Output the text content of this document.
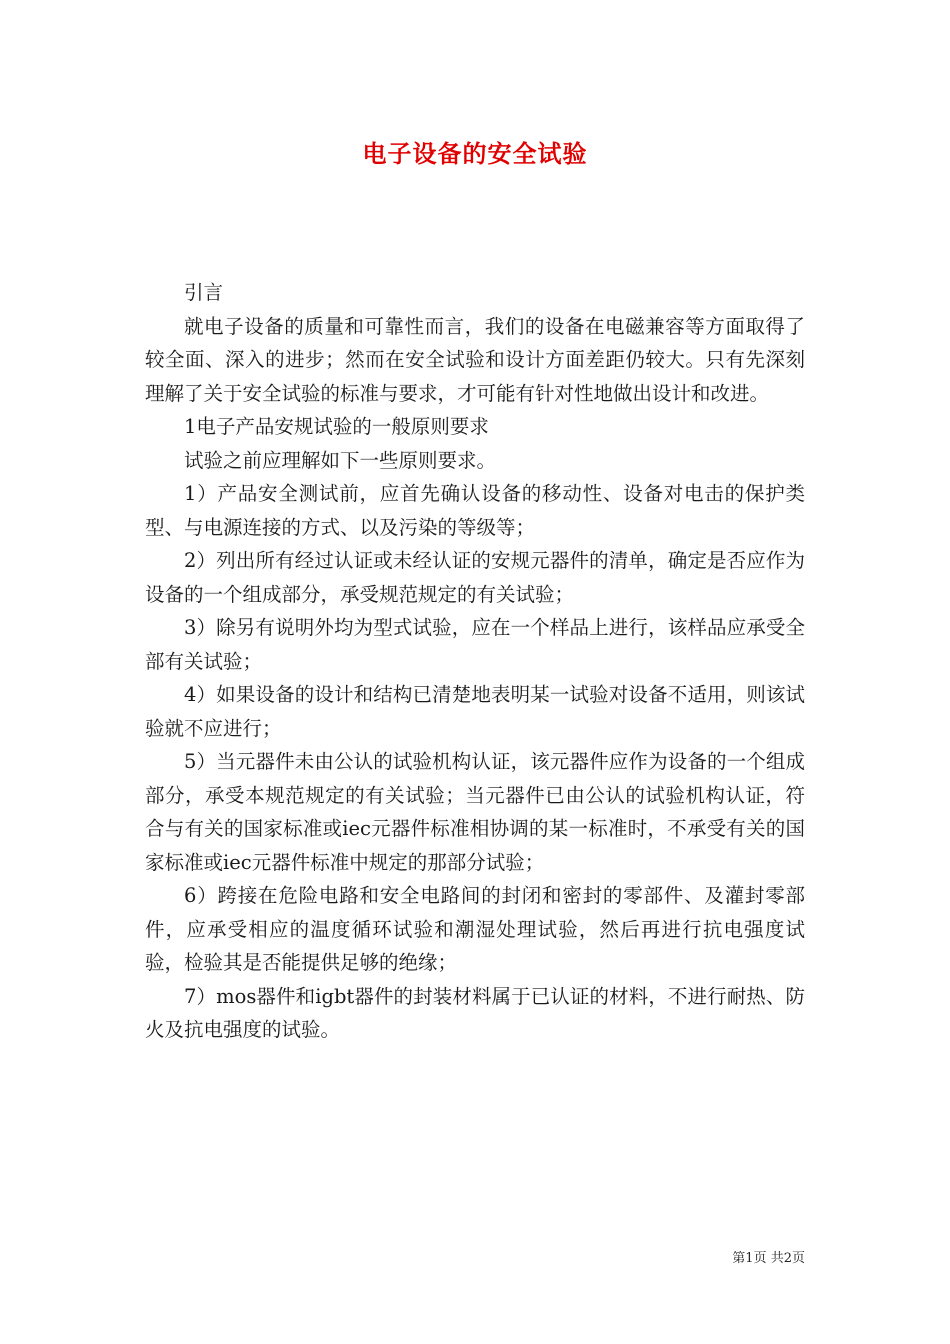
电子设备的安全试验

引言

就电子设备的质量和可靠性而言，我们的设备在电磁兼容等方面取得了较全面、深入的进步；然而在安全试验和设计方面差距仍较大。只有先深刻理解了关于安全试验的标准与要求，才可能有针对性地做出设计和改进。

1电子产品安规试验的一般原则要求

试验之前应理解如下一些原则要求。

1）产品安全测试前，应首先确认设备的移动性、设备对电击的保护类型、与电源连接的方式、以及污染的等级等；

2）列出所有经过认证或未经认证的安规元器件的清单，确定是否应作为设备的一个组成部分，承受规范规定的有关试验；

3）除另有说明外均为型式试验，应在一个样品上进行，该样品应承受全部有关试验；

4）如果设备的设计和结构已清楚地表明某一试验对设备不适用，则该试验就不应进行；

5）当元器件未由公认的试验机构认证，该元器件应作为设备的一个组成部分，承受本规范规定的有关试验；当元器件已由公认的试验机构认证，符合与有关的国家标准或iec元器件标准相协调的某一标准时，不承受有关的国家标准或iec元器件标准中规定的那部分试验；

6）跨接在危险电路和安全电路间的封闭和密封的零部件、及灌封零部件，应承受相应的温度循环试验和潮湿处理试验，然后再进行抗电强度试验，检验其是否能提供足够的绝缘；

7）mos器件和igbt器件的封装材料属于已认证的材料，不进行耐热、防火及抗电强度的试验。

第1页 共2页
